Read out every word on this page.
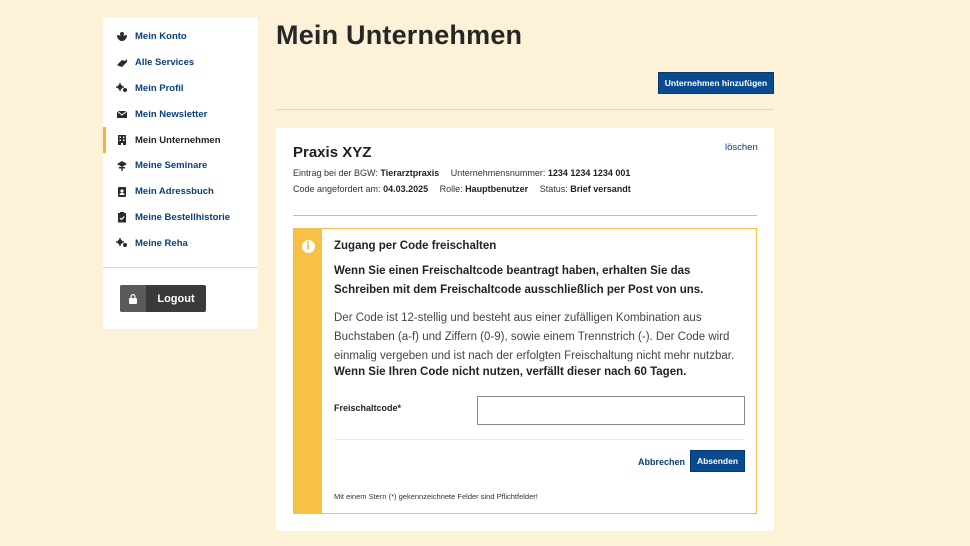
Mein Konto
Alle Services
Mein Profil
Mein Newsletter
Mein Unternehmen
Meine Seminare
Mein Adressbuch
Meine Bestellhistorie
Meine Reha
Logout
Mein Unternehmen
Unternehmen hinzufügen
löschen
Praxis XYZ
Eintrag bei der BGW: Tierarztpraxis Unternehmensnummer: 1234 1234 1234 001
Code angefordert am: 04.03.2025 Rolle: Hauptbenutzer Status: Brief versandt
i	Zugang per Code freischalten
Wenn Sie einen Freischaltcode beantragt haben, erhalten Sie das Schreiben mit dem Freischaltcode ausschließlich per Post von uns.
Der Code ist 12-stellig und besteht aus einer zufälligen Kombination aus Buchstaben (a-f) und Ziffern (0-9), sowie einem Trennstrich (-). Der Code wird einmalig vergeben und ist nach der erfolgten Freischaltung nicht mehr nutzbar.
Wenn Sie Ihren Code nicht nutzen, verfällt dieser nach 60 Tagen.
Freischaltcode*
Abbrechen	Absenden
Mit einem Stern (*) gekennzeichnete Felder sind Pflichtfelder!
